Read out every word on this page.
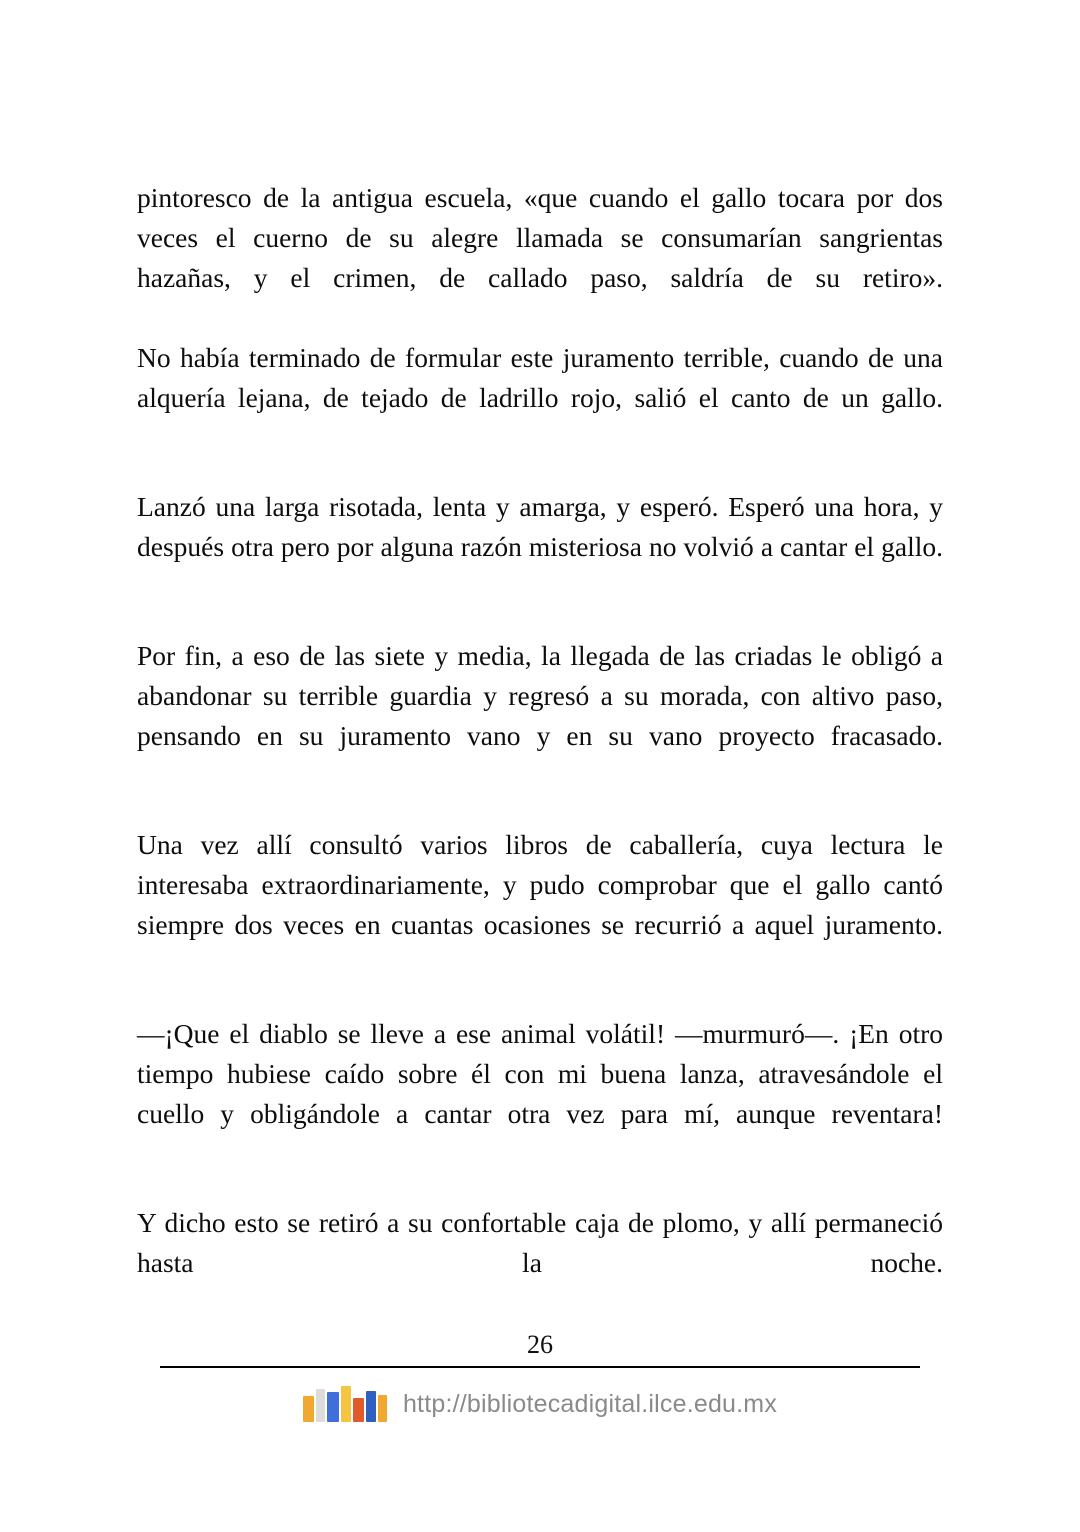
pintoresco de la antigua escuela, «que cuando el gallo tocara por dos veces el cuerno de su alegre llamada se consumarían sangrientas hazañas, y el crimen, de callado paso, saldría de su retiro».

No había terminado de formular este juramento terrible, cuando de una alquería lejana, de tejado de ladrillo rojo, salió el canto de un gallo.

Lanzó una larga risotada, lenta y amarga, y esperó. Esperó una hora, y después otra pero por alguna razón misteriosa no volvió a cantar el gallo.

Por fin, a eso de las siete y media, la llegada de las criadas le obligó a abandonar su terrible guardia y regresó a su morada, con altivo paso, pensando en su juramento vano y en su vano proyecto fracasado.

Una vez allí consultó varios libros de caballería, cuya lectura le interesaba extraordinariamente, y pudo comprobar que el gallo cantó siempre dos veces en cuantas ocasiones se recurrió a aquel juramento.

—¡Que el diablo se lleve a ese animal volátil! —murmuró—. ¡En otro tiempo hubiese caído sobre él con mi buena lanza, atravesándole el cuello y obligándole a cantar otra vez para mí, aunque reventara!

Y dicho esto se retiró a su confortable caja de plomo, y allí permaneció hasta la noche.

26
http://bibliotecadigital.ilce.edu.mx
